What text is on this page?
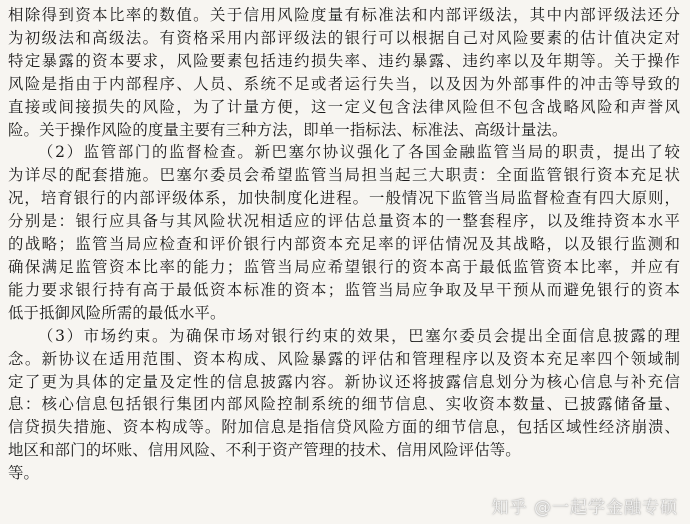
相除得到资本比率的数值。关于信用风险度量有标准法和内部评级法，其中内部评级法还分
为初级法和高级法。有资格采用内部评级法的银行可以根据自己对风险要素的估计值决定对
特定暴露的资本要求，风险要素包括违约损失率、违约暴露、违约率以及年期等。关于操作
风险是指由于内部程序、人员、系统不足或者运行失当，以及因为外部事件的冲击等导致的
直接或间接损失的风险，为了计量方便，这一定义包含法律风险但不包含战略风险和声誉风
险。关于操作风险的度量主要有三种方法，即单一指标法、标准法、高级计量法。

（2）监管部门的监督检查。新巴塞尔协议强化了各国金融监管当局的职责，提出了较
为详尽的配套措施。巴塞尔委员会希望监管当局担当起三大职责：全面监管银行资本充足状
况，培育银行的内部评级体系，加快制度化进程。一般情况下监管当局监督检查有四大原则，
分别是：银行应具备与其风险状况相适应的评估总量资本的一整套程序，以及维持资本水平
的战略；监管当局应检查和评价银行内部资本充足率的评估情况及其战略，以及银行监测和
确保满足监管资本比率的能力；监管当局应希望银行的资本高于最低监管资本比率，并应有
能力要求银行持有高于最低资本标准的资本；监管当局应争取及早干预从而避免银行的资本
低于抵御风险所需的最低水平。

（3）市场约束。为确保市场对银行约束的效果，巴塞尔委员会提出全面信息披露的理
念。新协议在适用范围、资本构成、风险暴露的评估和管理程序以及资本充足率四个领域制
定了更为具体的定量及定性的信息披露内容。新协议还将披露信息划分为核心信息与补充信
息：核心信息包括银行集团内部风险控制系统的细节信息、实收资本数量、已披露储备量、
信贷损失措施、资本构成等。附加信息是指信贷风险方面的细节信息，包括区域性经济崩溃、
地区和部门的坏账、信用风险、不利于资产管理的技术、信用风险评估等。
等。

知乎 @一起学金融专硕
